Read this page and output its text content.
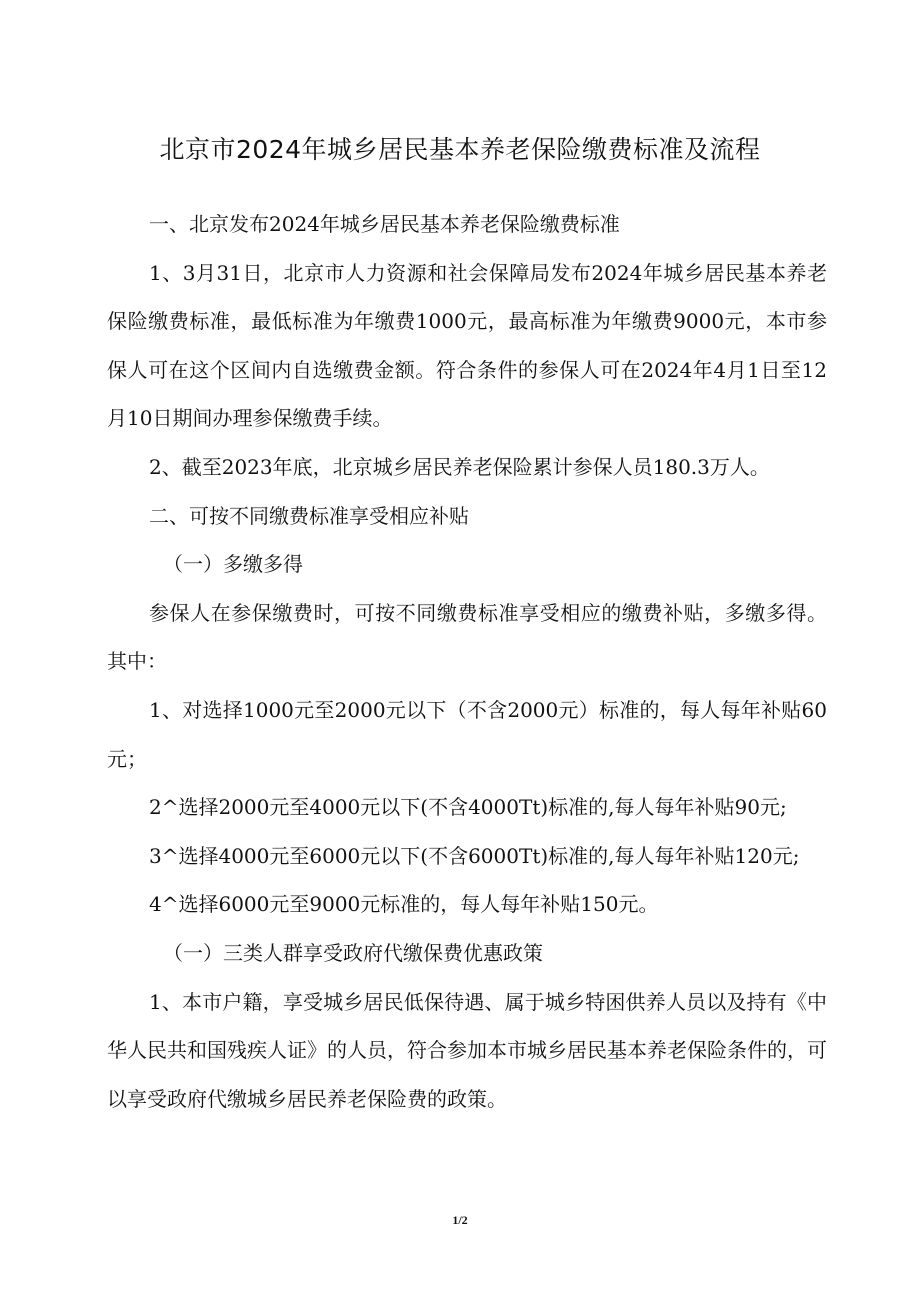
北京市2024年城乡居民基本养老保险缴费标准及流程

一、北京发布2024年城乡居民基本养老保险缴费标准

1、3月31日，北京市人力资源和社会保障局发布2024年城乡居民基本养老保险缴费标准，最低标准为年缴费1000元，最高标准为年缴费9000元，本市参保人可在这个区间内自选缴费金额。符合条件的参保人可在2024年4月1日至12月10日期间办理参保缴费手续。

2、截至2023年底，北京城乡居民养老保险累计参保人员180.3万人。

二、可按不同缴费标准享受相应补贴

（一）多缴多得

参保人在参保缴费时，可按不同缴费标准享受相应的缴费补贴，多缴多得。其中：

1、对选择1000元至2000元以下（不含2000元）标准的，每人每年补贴60元；

2^选择2000元至4000元以下(不含4000Tt)标准的,每人每年补贴90元;

3^选择4000元至6000元以下(不含6000Tt)标准的,每人每年补贴120元;

4^选择6000元至9000元标准的，每人每年补贴150元。

（一）三类人群享受政府代缴保费优惠政策

1、本市户籍，享受城乡居民低保待遇、属于城乡特困供养人员以及持有《中华人民共和国残疾人证》的人员，符合参加本市城乡居民基本养老保险条件的，可以享受政府代缴城乡居民养老保险费的政策。

1/2
